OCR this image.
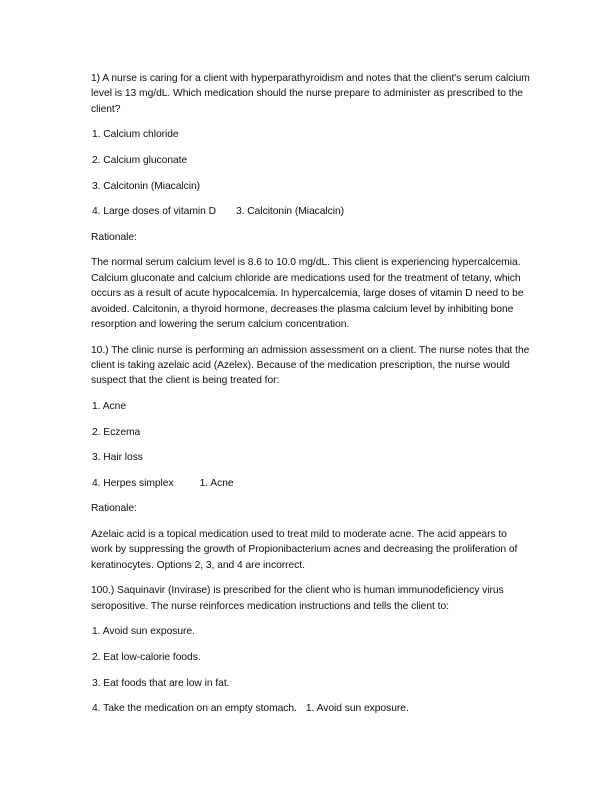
1) A nurse is caring for a client with hyperparathyroidism and notes that the client's serum calcium level is 13 mg/dL. Which medication should the nurse prepare to administer as prescribed to the client?

1. Calcium chloride
2. Calcium gluconate
3. Calcitonin (Miacalcin)
4. Large doses of vitamin D 3. Calcitonin (Miacalcin)

Rationale:

The normal serum calcium level is 8.6 to 10.0 mg/dL. This client is experiencing hypercalcemia. Calcium gluconate and calcium chloride are medications used for the treatment of tetany, which occurs as a result of acute hypocalcemia. In hypercalcemia, large doses of vitamin D need to be avoided. Calcitonin, a thyroid hormone, decreases the plasma calcium level by inhibiting bone resorption and lowering the serum calcium concentration.

10.) The clinic nurse is performing an admission assessment on a client. The nurse notes that the client is taking azelaic acid (Azelex). Because of the medication prescription, the nurse would suspect that the client is being treated for:

1. Acne
2. Eczema
3. Hair loss
4. Herpes simplex	1. Acne

Rationale:

Azelaic acid is a topical medication used to treat mild to moderate acne. The acid appears to work by suppressing the growth of Propionibacterium acnes and decreasing the proliferation of keratinocytes. Options 2, 3, and 4 are incorrect.

100.) Saquinavir (Invirase) is prescribed for the client who is human immunodeficiency virus seropositive. The nurse reinforces medication instructions and tells the client to:

1. Avoid sun exposure.
2. Eat low-calorie foods.
3. Eat foods that are low in fat.
4. Take the medication on an empty stomach. 1. Avoid sun exposure.
